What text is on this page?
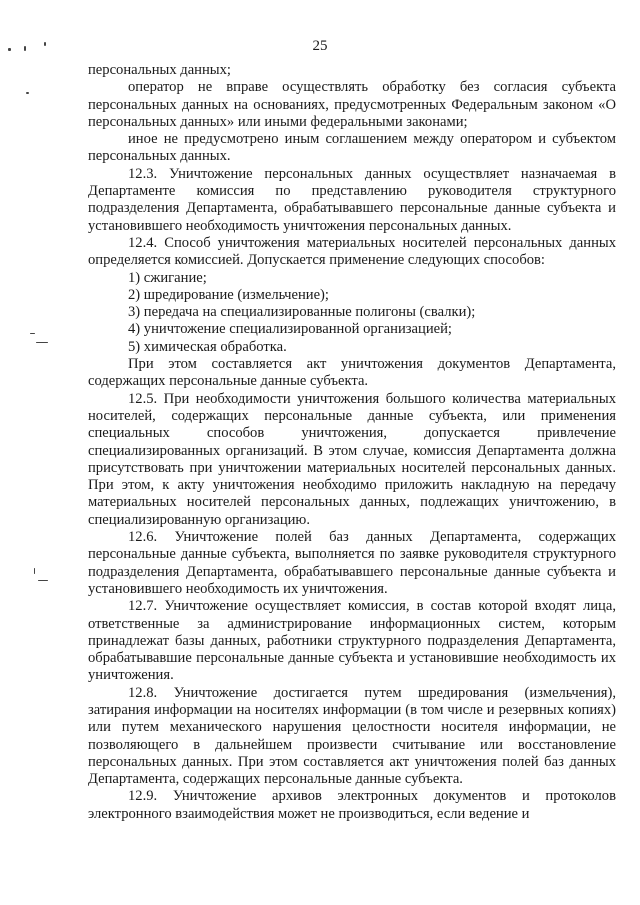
25

персональных данных;

оператор не вправе осуществлять обработку без согласия субъекта персональных данных на основаниях, предусмотренных Федеральным законом «О персональных данных» или иными федеральными законами;

иное не предусмотрено иным соглашением между оператором и субъектом персональных данных.

12.3. Уничтожение персональных данных осуществляет назначаемая в Департаменте комиссия по представлению руководителя структурного подразделения Департамента, обрабатывавшего персональные данные субъекта и установившего необходимость уничтожения персональных данных.

12.4. Способ уничтожения материальных носителей персональных данных определяется комиссией. Допускается применение следующих способов:

1) сжигание;

2) шредирование (измельчение);

3) передача на специализированные полигоны (свалки);

4) уничтожение специализированной организацией;

5) химическая обработка.

При этом составляется акт уничтожения документов Департамента, содержащих персональные данные субъекта.

12.5. При необходимости уничтожения большого количества материальных носителей, содержащих персональные данные субъекта, или применения специальных способов уничтожения, допускается привлечение специализированных организаций. В этом случае, комиссия Департамента должна присутствовать при уничтожении материальных носителей персональных данных. При этом, к акту уничтожения необходимо приложить накладную на передачу материальных носителей персональных данных, подлежащих уничтожению, в специализированную организацию.

12.6. Уничтожение полей баз данных Департамента, содержащих персональные данные субъекта, выполняется по заявке руководителя структурного подразделения Департамента, обрабатывавшего персональные данные субъекта и установившего необходимость их уничтожения.

12.7. Уничтожение осуществляет комиссия, в состав которой входят лица, ответственные за администрирование информационных систем, которым принадлежат базы данных, работники структурного подразделения Департамента, обрабатывавшие персональные данные субъекта и установившие необходимость их уничтожения.

12.8. Уничтожение достигается путем шредирования (измельчения), затирания информации на носителях информации (в том числе и резервных копиях) или путем механического нарушения целостности носителя информации, не позволяющего в дальнейшем произвести считывание или восстановление персональных данных. При этом составляется акт уничтожения полей баз данных Департамента, содержащих персональные данные субъекта.

12.9. Уничтожение архивов электронных документов и протоколов электронного взаимодействия может не производиться, если ведение и
